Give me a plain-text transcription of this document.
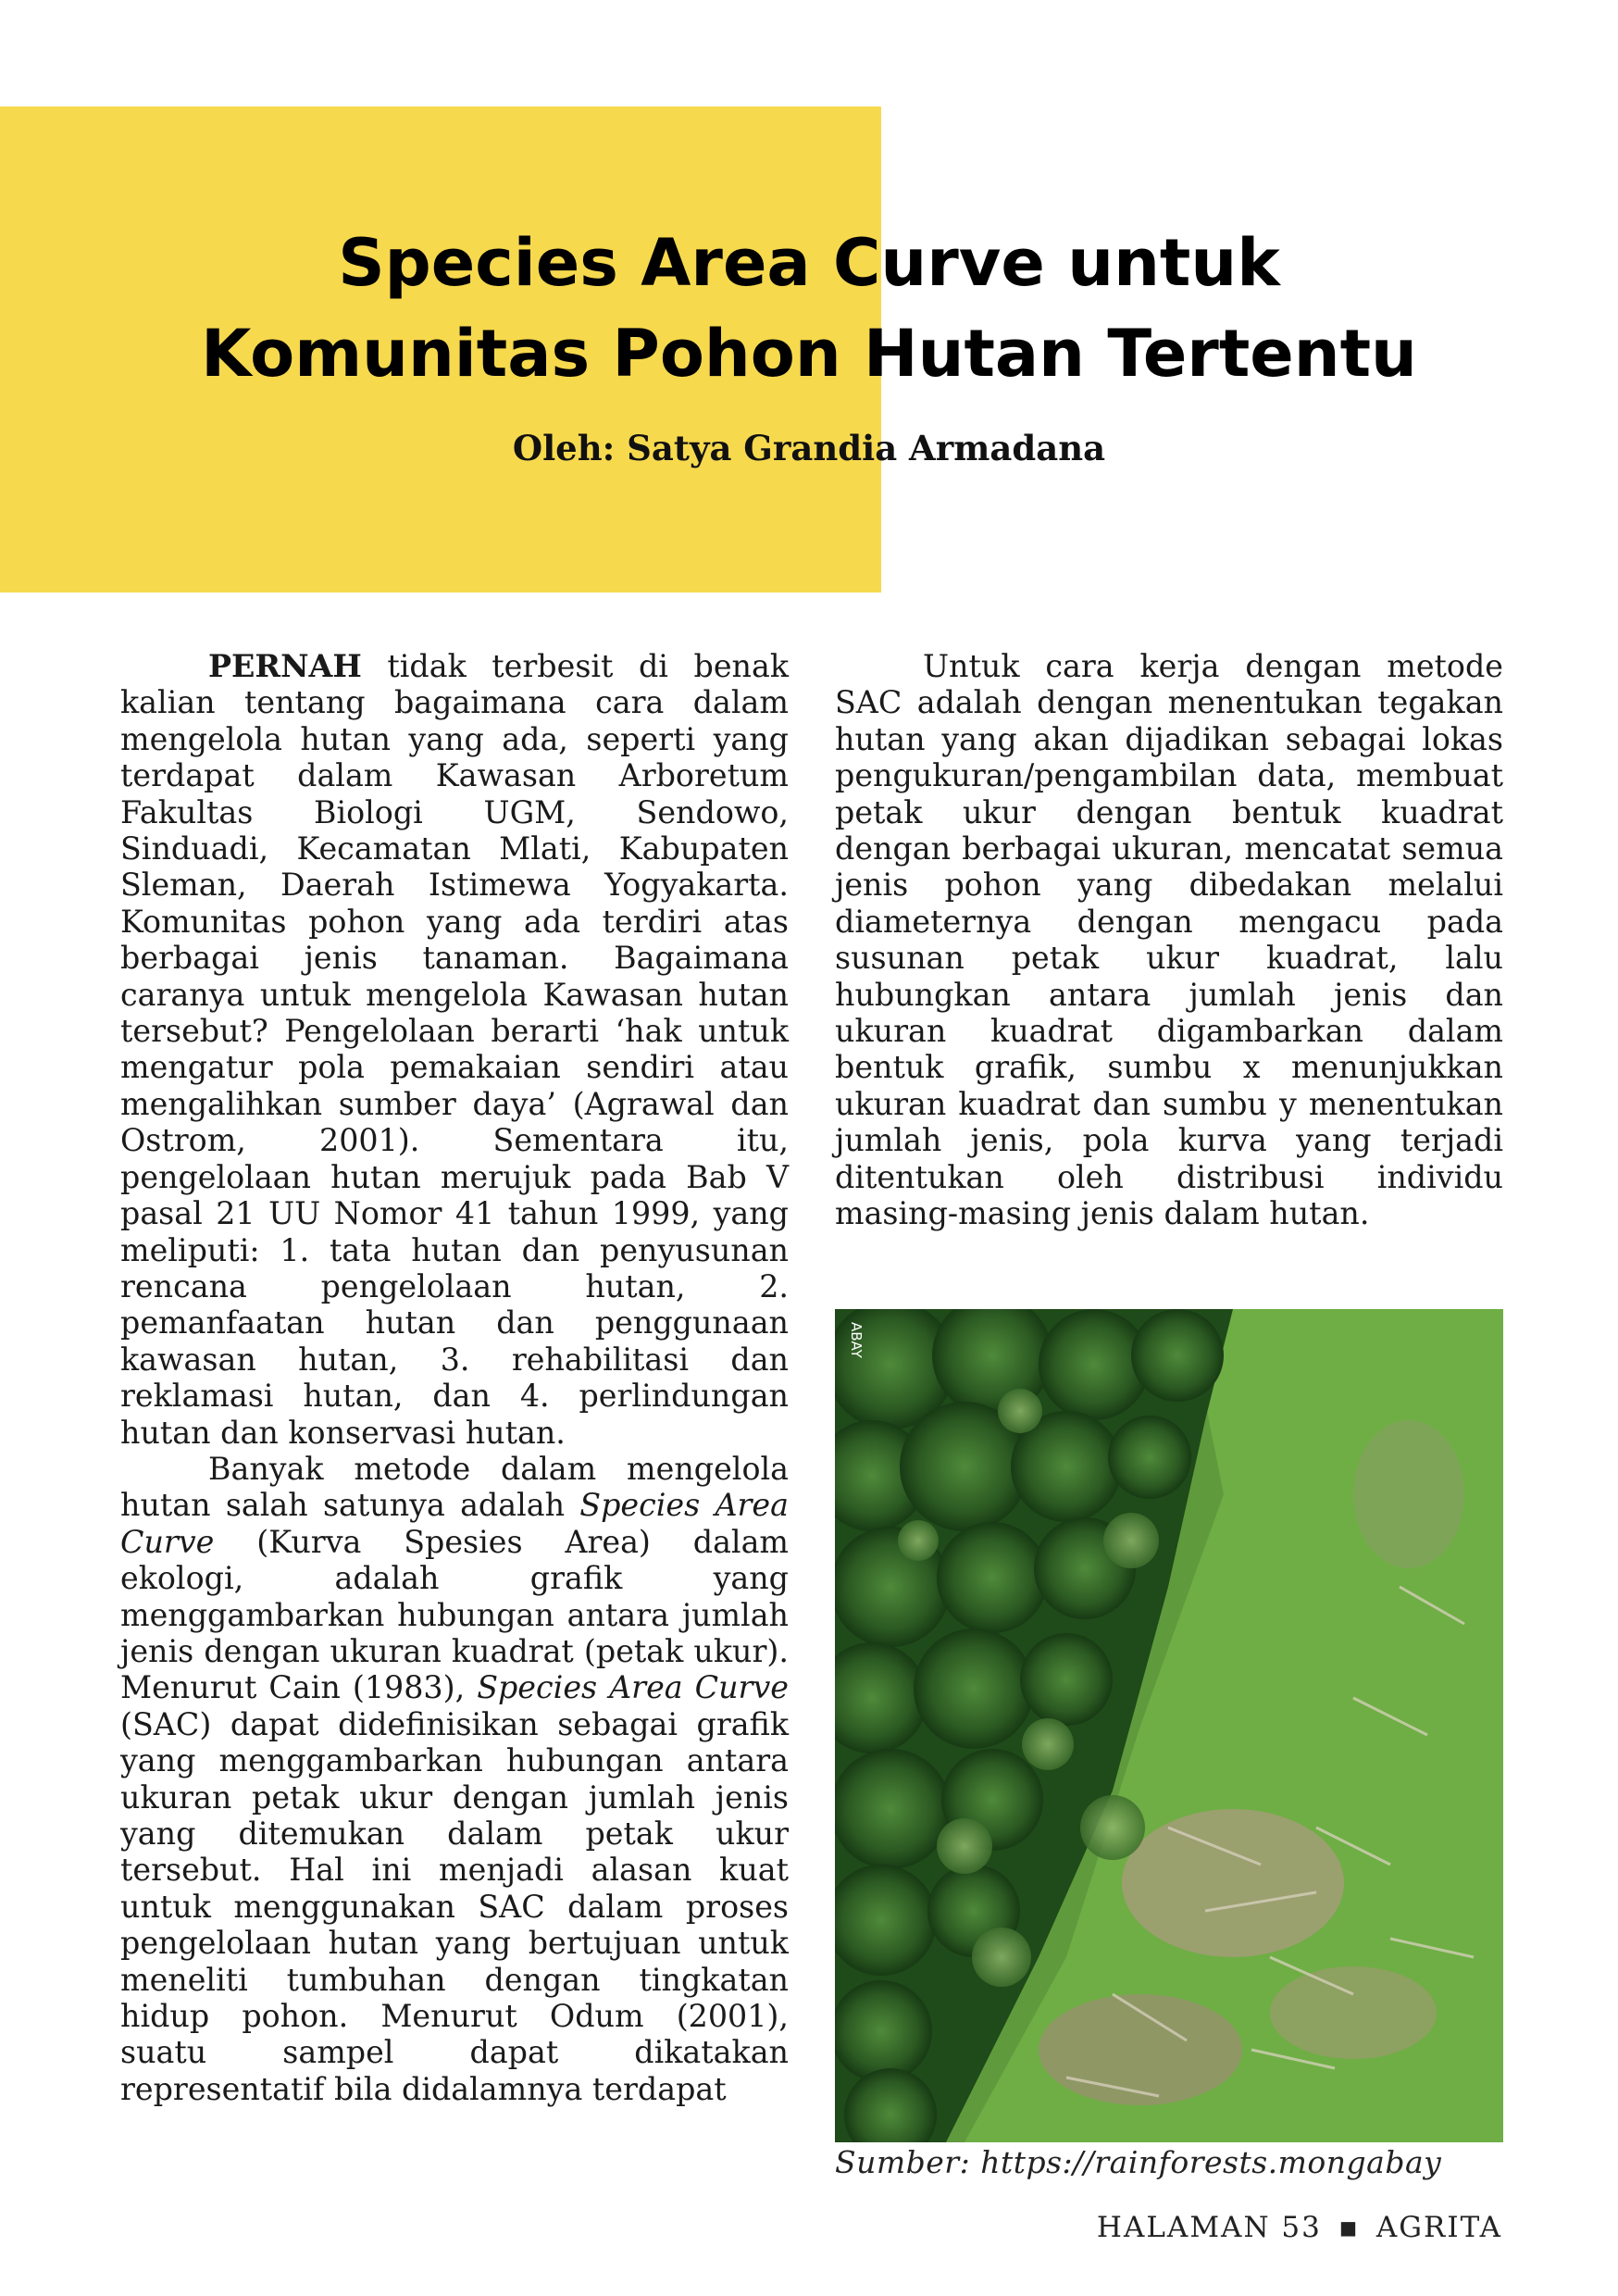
Species Area Curve untuk
Komunitas Pohon Hutan Tertentu
Oleh: Satya Grandia Armadana

PERNAH tidak terbesit di benak kalian tentang bagaimana cara dalam mengelola hutan yang ada, seperti yang terdapat dalam Kawasan Arboretum Fakultas Biologi UGM, Sendowo, Sinduadi, Kecamatan Mlati, Kabupaten Sleman, Daerah Istimewa Yogyakarta. Komunitas pohon yang ada terdiri atas berbagai jenis tanaman. Bagaimana caranya untuk mengelola Kawasan hutan tersebut? Pengelolaan berarti ‘hak untuk mengatur pola pemakaian sendiri atau mengalihkan sumber daya’ (Agrawal dan Ostrom, 2001). Sementara itu, pengelolaan hutan merujuk pada Bab V pasal 21 UU Nomor 41 tahun 1999, yang meliputi: 1. tata hutan dan penyusunan rencana pengelolaan hutan, 2. pemanfaatan hutan dan penggunaan kawasan hutan, 3. rehabilitasi dan reklamasi hutan, dan 4. perlindungan hutan dan konservasi hutan.

Banyak metode dalam mengelola hutan salah satunya adalah Species Area Curve (Kurva Spesies Area) dalam ekologi, adalah grafik yang menggambarkan hubungan antara jumlah jenis dengan ukuran kuadrat (petak ukur). Menurut Cain (1983), Species Area Curve (SAC) dapat didefinisikan sebagai grafik yang menggambarkan hubungan antara ukuran petak ukur dengan jumlah jenis yang ditemukan dalam petak ukur tersebut. Hal ini menjadi alasan kuat untuk menggunakan SAC dalam proses pengelolaan hutan yang bertujuan untuk meneliti tumbuhan dengan tingkatan hidup pohon. Menurut Odum (2001), suatu sampel dapat dikatakan representatif bila didalamnya terdapat

Untuk cara kerja dengan metode SAC adalah dengan menentukan tegakan hutan yang akan dijadikan sebagai lokas pengukuran/pengambilan data, membuat petak ukur dengan bentuk kuadrat dengan berbagai ukuran, mencatat semua jenis pohon yang dibedakan melalui diameternya dengan mengacu pada susunan petak ukur kuadrat, lalu hubungkan antara jumlah jenis dan ukuran kuadrat digambarkan dalam bentuk grafik, sumbu x menunjukkan ukuran kuadrat dan sumbu y menentukan jumlah jenis, pola kurva yang terjadi ditentukan oleh distribusi individu masing-masing jenis dalam hutan.

ABAY
Sumber: https://rainforests.mongabay
HALAMAN 53 ▪ AGRITA
